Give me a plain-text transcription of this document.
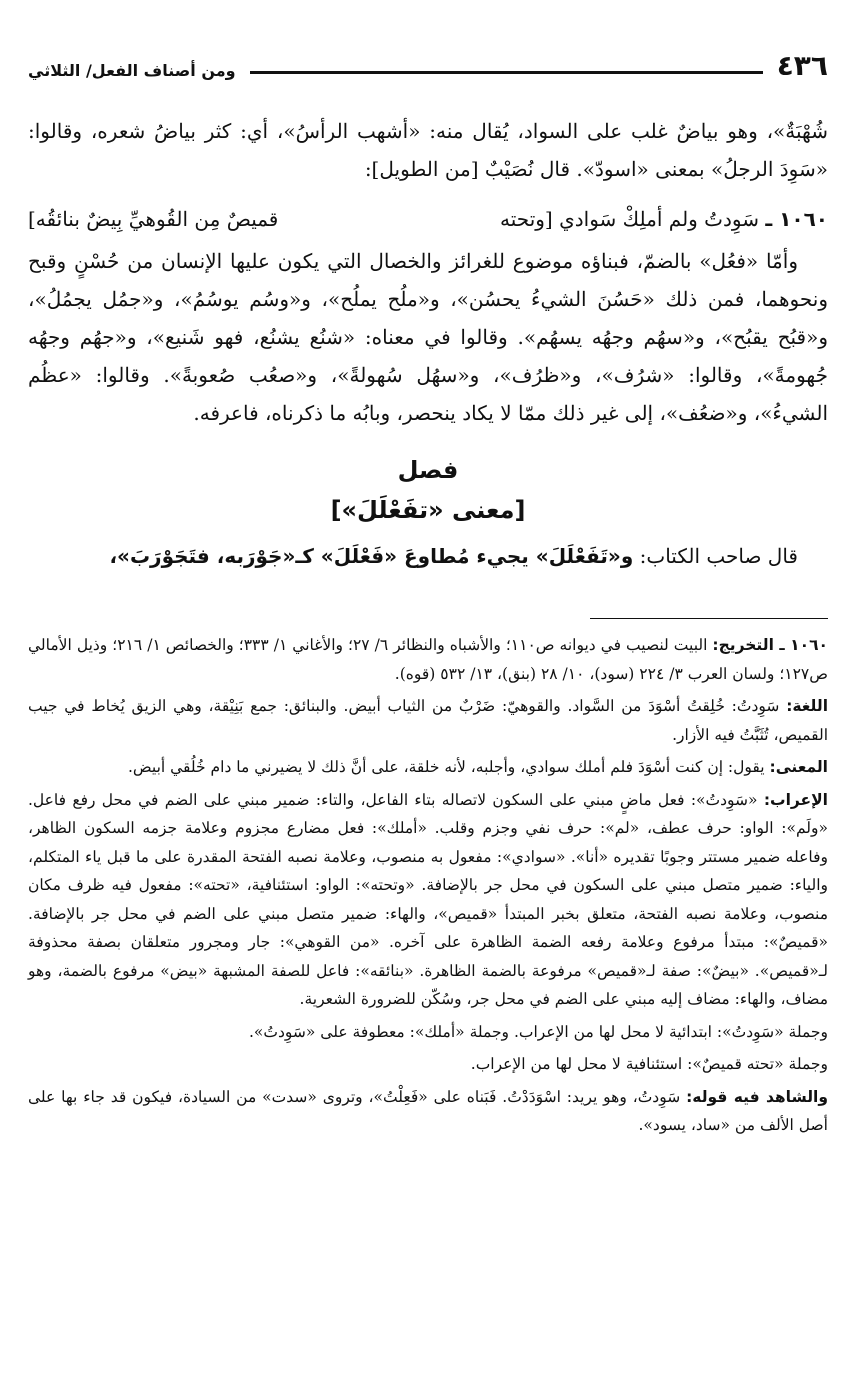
٤٣٦
ومن أصناف الفعل/ الثلاثي

شُهْبَةٌ»، وهو بياضٌ غلب على السواد، يُقال منه: «أشهب الرأسُ»، أي: كثر بياضُ شعره، وقالوا: «سَوِدَ الرجلُ» بمعنى «اسودّ». قال نُصَيْبٌ [من الطويل]:

١٠٦٠ ـ سَوِدتُ ولم أملِكْ سَوادي [وتحته
قميصٌ مِن القُوهيِّ بِيضٌ بنائقُه]

وأمّا «فعُل» بالضمّ، فبناؤه موضوع للغرائز والخصال التي يكون عليها الإنسان من حُسْنٍ وقبح ونحوهما، فمن ذلك «حَسُنَ الشيءُ يحسُن»، و«ملُح يملُح»، و«وسُم يوسُمُ»، و«جمُل يجمُلُ»، و«قبُح يقبُح»، و«سهُم وجهُه يسهُم». وقالوا في معناه: «شنُع يشنُع، فهو شَنيع»، و«جهُم وجهُه جُهومةً»، وقالوا: «شرُف»، و«ظرُف»، و«سهُل سُهولةً»، و«صعُب صُعوبةً». وقالوا: «عظُم الشيءُ»، و«ضعُف»، إلى غير ذلك ممّا لا يكاد ينحصر، وبابُه ما ذكرناه، فاعرفه.

فصل
[معنى «تفَعْلَلَ»]
قال صاحب الكتاب: و«تَفَعْلَلَ» يجيء مُطاوعَ «فَعْلَلَ» كـ«جَوْرَبه، فتَجَوْرَبَ»،

١٠٦٠ ـ التخريج: البيت لنصيب في ديوانه ص١١٠؛ والأشباه والنظائر ٦/ ٢٧؛ والأغاني ١/ ٣٣٣؛ والخصائص ١/ ٢١٦؛ وذيل الأمالي ص١٢٧؛ ولسان العرب ٣/ ٢٢٤ (سود)، ١٠/ ٢٨ (بنق)، ١٣/ ٥٣٢ (قوه).

اللغة: سَوِدتُ: خُلِقتُ أسْوَدَ من السَّواد. والقوهيّ: ضَرْبٌ من الثياب أبيض. والبنائق: جمع بَنِيْقة، وهي الزيق يُخاط في جيب القميص، تُثَبَّتُ فيه الأزار.

المعنى: يقول: إن كنت أسْوَدَ فلم أملك سوادي، وأجلبه، لأنه خلقة، على أنَّ ذلك لا يضيرني ما دام خُلُقي أبيض.

الإعراب: «سَوِدتُ»: فعل ماضٍ مبني على السكون لاتصاله بتاء الفاعل، والتاء: ضمير مبني على الضم في محل رفع فاعل. «ولَم»: الواو: حرف عطف، «لم»: حرف نفي وجزم وقلب. «أملك»: فعل مضارع مجزوم وعلامة جزمه السكون الظاهر، وفاعله ضمير مستتر وجوبًا تقديره «أنا». «سوادي»: مفعول به منصوب، وعلامة نصبه الفتحة المقدرة على ما قبل ياء المتكلم، والياء: ضمير متصل مبني على السكون في محل جر بالإضافة. «وتحته»: الواو: استئنافية، «تحته»: مفعول فيه ظرف مكان منصوب، وعلامة نصبه الفتحة، متعلق بخبر المبتدأ «قميص»، والهاء: ضمير متصل مبني على الضم في محل جر بالإضافة. «قميصٌ»: مبتدأ مرفوع وعلامة رفعه الضمة الظاهرة على آخره. «من القوهي»: جار ومجرور متعلقان بصفة محذوفة لـ«قميص». «بيضٌ»: صفة لـ«قميص» مرفوعة بالضمة الظاهرة. «بنائقه»: فاعل للصفة المشبهة «بيض» مرفوع بالضمة، وهو مضاف، والهاء: مضاف إليه مبني على الضم في محل جر، وسُكّن للضرورة الشعرية.

وجملة «سَوِدتُ»: ابتدائية لا محل لها من الإعراب. وجملة «أملك»: معطوفة على «سَوِدتُ».

وجملة «تحته قميصٌ»: استئنافية لا محل لها من الإعراب.

والشاهد فيه قوله: سَوِدتُ، وهو يريد: اسْوَدَدْتُ. فَبَناه على «فَعِلْتُ»، وتروى «سدت» من السيادة، فيكون قد جاء بها على أصل الألف من «ساد، يسود».
